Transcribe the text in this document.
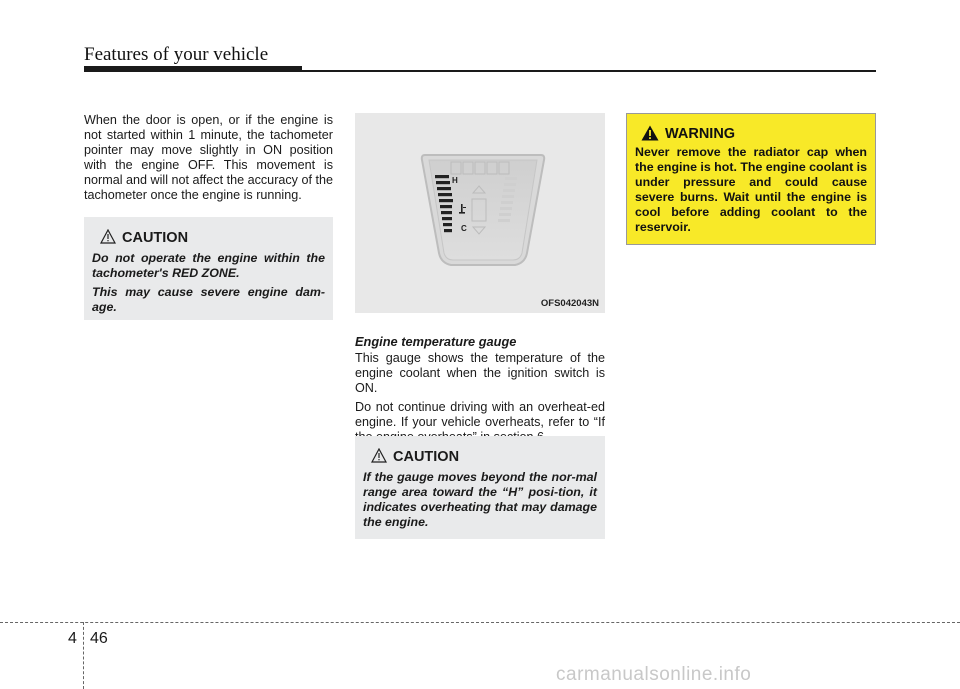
Features of your vehicle
When the door is open, or if the engine is not started within 1 minute, the tachometer pointer may move slightly in ON position with the engine OFF. This movement is normal and will not affect the accuracy of the tachometer once the engine is running.
CAUTION

Do not operate the engine within the tachometer's RED ZONE.

This may cause severe engine dam-age.

H
C
OFS042043N
Engine temperature gauge

This gauge shows the temperature of the engine coolant when the ignition switch is ON.

Do not continue driving with an overheat-ed engine. If your vehicle overheats, refer to “If

CAUTION
If the gauge moves beyond the nor-mal range area toward the “H” posi-tion, it indicates overheating that may damage the engine.
WARNING
Never remove the radiator cap when the engine is hot. The engine coolant is under pressure and could cause severe burns. Wait until the engine is cool before adding coolant to the reservoir.
4 46
carmanualsonline.info
